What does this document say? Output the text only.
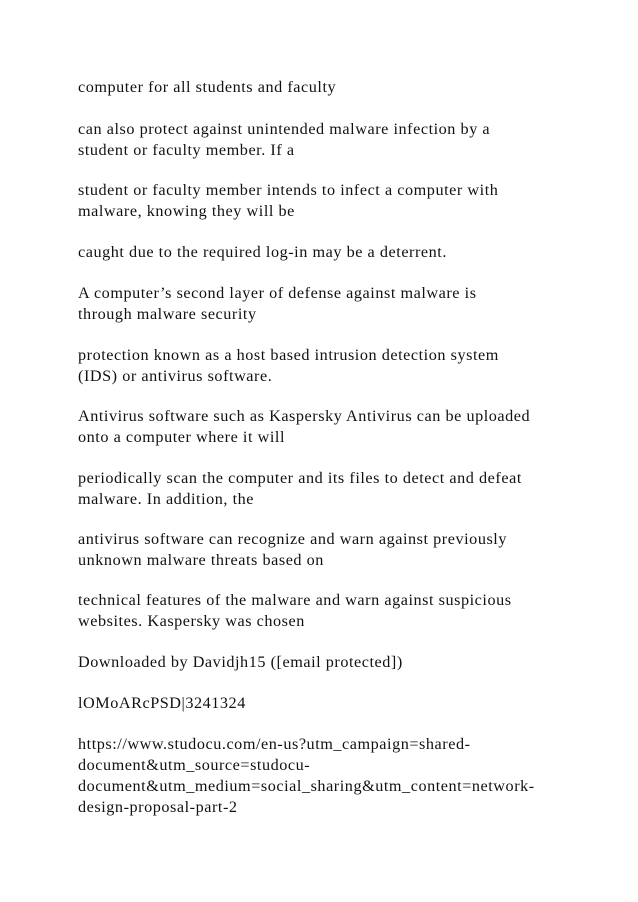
computer for all students and faculty

can also protect against unintended malware infection by a
student or faculty member. If a

student or faculty member intends to infect a computer with
malware, knowing they will be

caught due to the required log-in may be a deterrent.

A computer’s second layer of defense against malware is
through malware security

protection known as a host based intrusion detection system
(IDS) or antivirus software.

Antivirus software such as Kaspersky Antivirus can be uploaded
onto a computer where it will

periodically scan the computer and its files to detect and defeat
malware. In addition, the

antivirus software can recognize and warn against previously
unknown malware threats based on

technical features of the malware and warn against suspicious
websites. Kaspersky was chosen

Downloaded by Davidjh15 ([email protected])

lOMoARcPSD|3241324

https://www.studocu.com/en-us?utm_campaign=shared-
document&utm_source=studocu-
document&utm_medium=social_sharing&utm_content=network-
design-proposal-part-2
